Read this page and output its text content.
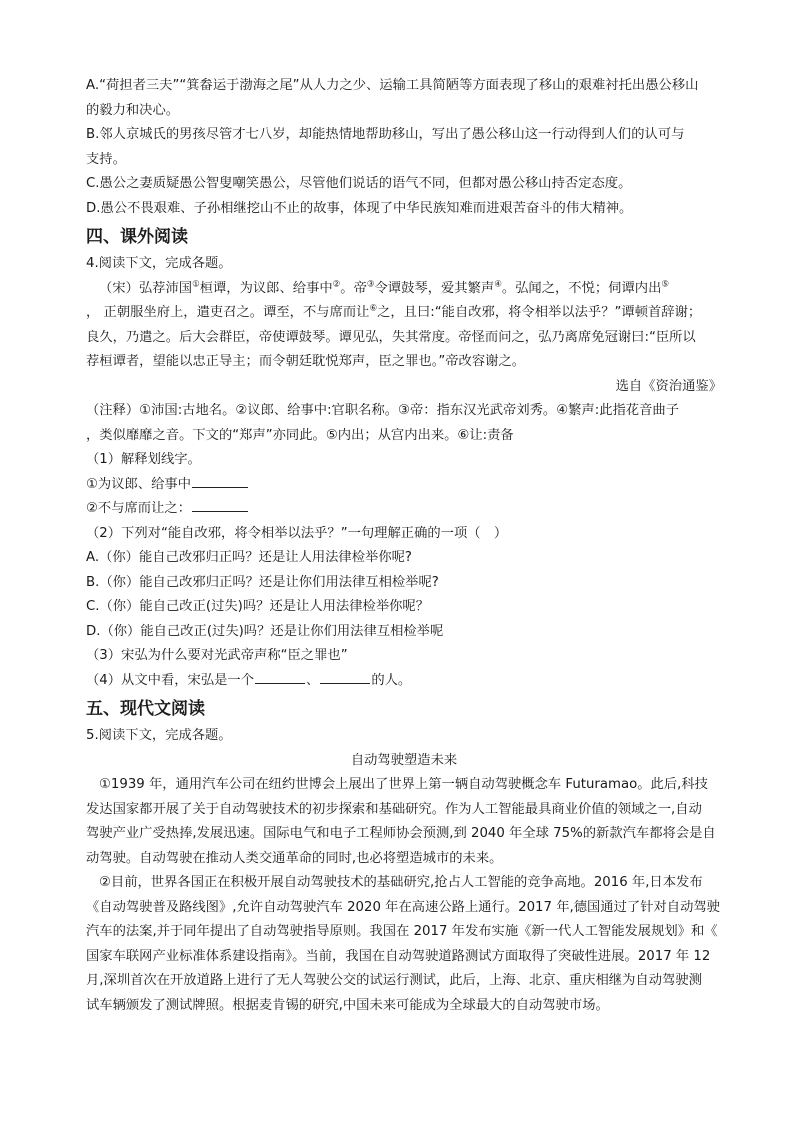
A.“荷担者三夫”“箕畚运于渤海之尾”从人力之少、运输工具简陋等方面表现了移山的艰难衬托出愚公移山

的毅力和决心。

B.邻人京城氏的男孩尽管才七八岁，却能热情地帮助移山，写出了愚公移山这一行动得到人们的认可与

支持。

C.愚公之妻质疑愚公智叟嘲笑愚公，尽管他们说话的语气不同，但都对愚公移山持否定态度。

D.愚公不畏艰难、子孙相继挖山不止的故事，体现了中华民族知难而进艰苦奋斗的伟大精神。

四、课外阅读

4.阅读下文，完成各题。

（宋）弘荐沛国①桓谭，为议郎、给事中②。帝③令谭鼓琴，爱其繁声④。弘闻之，不悦；伺谭内出⑤

， 正朝服坐府上，遣吏召之。谭至，不与席而让⑥之，且曰:“能自改邪，将令相举以法乎？”谭顿首辞谢；

良久，乃遣之。后大会群臣，帝使谭鼓琴。谭见弘，失其常度。帝怪而问之，弘乃离席免冠谢曰:“臣所以

荐桓谭者，望能以忠正导主；而令朝廷耽悦郑声，臣之罪也。”帝改容谢之。

选自《资治通鉴》

（注释）①沛国:古地名。②议郎、给事中:官职名称。③帝：指东汉光武帝刘秀。④繁声:此指花音曲子

，类似靡靡之音。下文的“郑声”亦同此。⑤内出；从宫内出来。⑥让:责备

（1）解释划线字。

①为议郎、给事中

②不与席而让之：

（2）下列对“能自改邪，将令相举以法乎？”一句理解正确的一项（　）

A.（你）能自己改邪归正吗？还是让人用法律检举你呢?

B.（你）能自己改邪归正吗？还是让你们用法律互相检举呢?

C.（你）能自己改正(过失)吗？还是让人用法律检举你呢？

D.（你）能自己改正(过失)吗？还是让你们用法律互相检举呢

（3）宋弘为什么要对光武帝声称“臣之罪也”

（4）从文中看，宋弘是一个	、	的人。

五、现代文阅读

5.阅读下文，完成各题。

自动驾驶塑造未来

①1939 年，通用汽车公司在纽约世博会上展出了世界上第一辆自动驾驶概念车 Futuramao。此后,科技

发达国家都开展了关于自动驾驶技术的初步探索和基础研究。作为人工智能最具商业价值的领域之一,自动

驾驶产业广受热捧,发展迅速。国际电气和电子工程师协会预测,到 2040 年全球 75%的新款汽车都将会是自

动驾驶。自动驾驶在推动人类交通革命的同时,也必将塑造城市的未来。

②目前，世界各国正在积极开展自动驾驶技术的基础研究,抢占人工智能的竞争高地。2016 年,日本发布

《自动驾驶普及路线图》,允许自动驾驶汽车 2020 年在高速公路上通行。2017 年,德国通过了针对自动驾驶

汽车的法案,并于同年提出了自动驾驶指导原则。我国在 2017 年发布实施《新一代人工智能发展规划》和《

国家车联网产业标准体系建设指南》。当前，我国在自动驾驶道路测试方面取得了突破性进展。2017 年 12

月,深圳首次在开放道路上进行了无人驾驶公交的试运行测试，此后，上海、北京、重庆相继为自动驾驶测

试车辆颁发了测试牌照。根据麦肯锡的研究,中国未来可能成为全球最大的自动驾驶市场。
